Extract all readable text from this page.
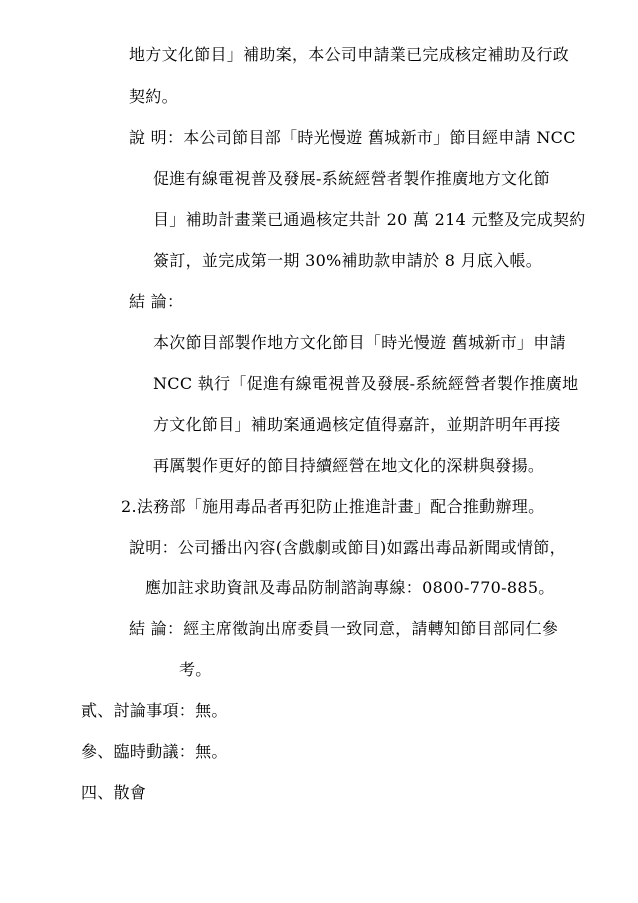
地方文化節目」補助案，本公司申請業已完成核定補助及行政
契約。
說 明：本公司節目部「時光慢遊 舊城新市」節目經申請 NCC
促進有線電視普及發展-系統經營者製作推廣地方文化節
目」補助計畫業已通過核定共計 20 萬 214 元整及完成契約
簽訂，並完成第一期 30%補助款申請於 8 月底入帳。
結 論：
本次節目部製作地方文化節目「時光慢遊 舊城新市」申請
NCC 執行「促進有線電視普及發展-系統經營者製作推廣地
方文化節目」補助案通過核定值得嘉許，並期許明年再接
再厲製作更好的節目持續經營在地文化的深耕與發揚。
2.法務部「施用毒品者再犯防止推進計畫」配合推動辦理。
說明：公司播出內容(含戲劇或節目)如露出毒品新聞或情節，
應加註求助資訊及毒品防制諮詢專線：0800-770-885。
結 論：經主席徵詢出席委員一致同意，請轉知節目部同仁參
考。
貳、討論事項：無。
參、臨時動議：無。
四、散會
